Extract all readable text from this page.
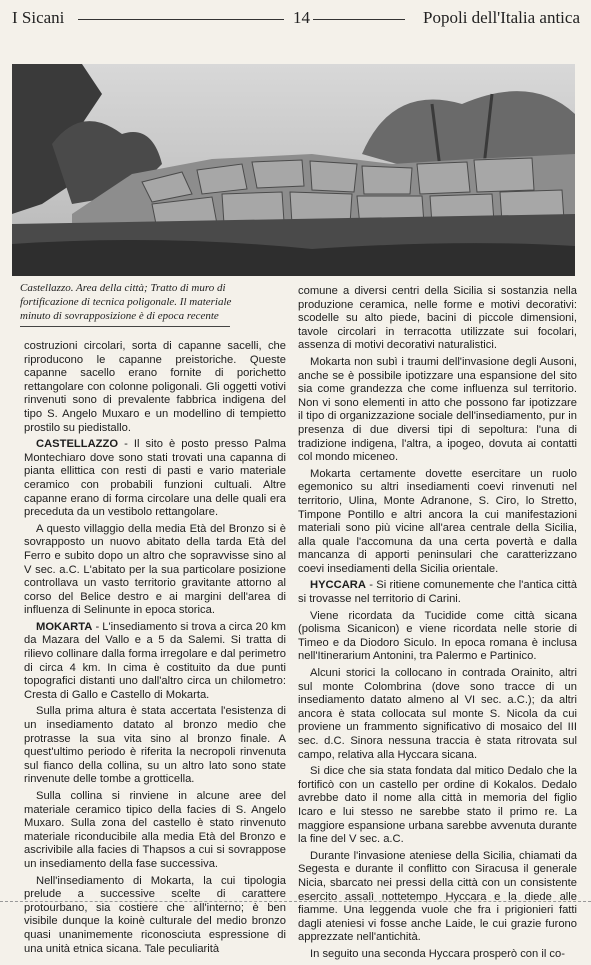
I Sicani	14	Popoli dell'Italia antica
Castellazzo. Area della città; Tratto di muro di fortificazione di tecnica poligonale. Il materiale minuto di sovrapposizione è di epoca recente

costruzioni circolari, sorta di capanne sacelli, che riproducono le capanne preistoriche. Queste capanne sacello erano fornite di porichetto rettangolare con colonne poligonali. Gli oggetti votivi rinvenuti sono di prevalente fabbrica indigena del tipo S. Angelo Muxaro e un modellino di tempietto prostilo su piedistallo.

CASTELLAZZO - Il sito è posto presso Palma Montechiaro dove sono stati trovati una capanna di pianta ellittica con resti di pasti e vario materiale ceramico con probabili funzioni cultuali. Altre capanne erano di forma circolare una delle quali era preceduta da un vestibolo rettangolare.

A questo villaggio della media Età del Bronzo si è sovrapposto un nuovo abitato della tarda Età del Ferro e subito dopo un altro che sopravvisse sino al V sec. a.C. L'abitato per la sua particolare posizione controllava un vasto territorio gravitante attorno al corso del Belice destro e ai margini dell'area di influenza di Selinunte in epoca storica.

MOKARTA - L'insediamento si trova a circa 20 km da Mazara del Vallo e a 5 da Salemi. Si tratta di rilievo collinare dalla forma irregolare e dal perimetro di circa 4 km. In cima è costituito da due punti topografici distanti uno dall'altro circa un chilometro: Cresta di Gallo e Castello di Mokarta.

Sulla prima altura è stata accertata l'esistenza di un insediamento datato al bronzo medio che protrasse la sua vita sino al bronzo finale. A quest'ultimo periodo è riferita la necropoli rinvenuta sul fianco della collina, su un altro lato sono state rinvenute delle tombe a grotticella.

Sulla collina si rinviene in alcune aree del materiale ceramico tipico della facies di S. Angelo Muxaro. Sulla zona del castello è stato rinvenuto materiale riconducibile alla media Età del Bronzo e ascrivibile alla facies di Thapsos a cui si sovrappose un insediamento della fase successiva.

Nell'insediamento di Mokarta, la cui tipologia prelude a successive scelte di carattere protourbano, sia costiere che all'interno; è ben visibile dunque la koinè culturale del medio bronzo quasi unanimemente riconosciuta espressione di una unità etnica sicana. Tale peculiarità

comune a diversi centri della Sicilia si sostanzia nella produzione ceramica, nelle forme e motivi decorativi: scodelle su alto piede, bacini di piccole dimensioni, tavole circolari in terracotta utilizzate sui focolari, assenza di motivi decorativi naturalistici.

Mokarta non subì i traumi dell'invasione degli Ausoni, anche se è possibile ipotizzare una espansione del sito sia come grandezza che come influenza sul territorio. Non vi sono elementi in atto che possono far ipotizzare il tipo di organizzazione sociale dell'insediamento, pur in presenza di due diversi tipi di sepoltura: l'una di tradizione indigena, l'altra, a ipogeo, dovuta ai contatti col mondo miceneo.

Mokarta certamente dovette esercitare un ruolo egemonico su altri insediamenti coevi rinvenuti nel territorio, Ulina, Monte Adranone, S. Ciro, lo Stretto, Timpone Pontillo e altri ancora la cui manifestazioni materiali sono più vicine all'area centrale della Sicilia, alla quale l'accomuna da una certa povertà e dalla mancanza di apporti peninsulari che caratterizzano coevi insediamenti della Sicilia orientale.

HYCCARA - Si ritiene comunemente che l'antica città si trovasse nel territorio di Carini.

Viene ricordata da Tucidide come città sicana (polisma Sicanicon) e viene ricordata nelle storie di Timeo e da Diodoro Siculo. In epoca romana è inclusa nell'Itinerarium Antonini, tra Palermo e Partinico.

Alcuni storici la collocano in contrada Orainito, altri sul monte Colombrina (dove sono tracce di un insediamento datato almeno al VI sec. a.C.); da altri ancora è stata collocata sul monte S. Nicola da cui proviene un frammento significativo di mosaico del III sec. d.C. Sinora nessuna traccia è stata ritrovata sul campo, relativa alla Hyccara sicana.

Si dice che sia stata fondata dal mitico Dedalo che la fortificò con un castello per ordine di Kokalos. Dedalo avrebbe dato il nome alla città in memoria del figlio Icaro e lui stesso ne sarebbe stato il primo re. La maggiore espansione urbana sarebbe avvenuta durante la fine del V sec. a.C.

Durante l'invasione ateniese della Sicilia, chiamati da Segesta e durante il conflitto con Siracusa il generale Nicia, sbarcato nei pressi della città con un consistente esercito assalì nottetempo Hyccara e la diede alle fiamme. Una leggenda vuole che fra i prigionieri fatti dagli ateniesi vi fosse anche Laide, le cui grazie furono apprezzate nell'antichità.

In seguito una seconda Hyccara prosperò con il co-
